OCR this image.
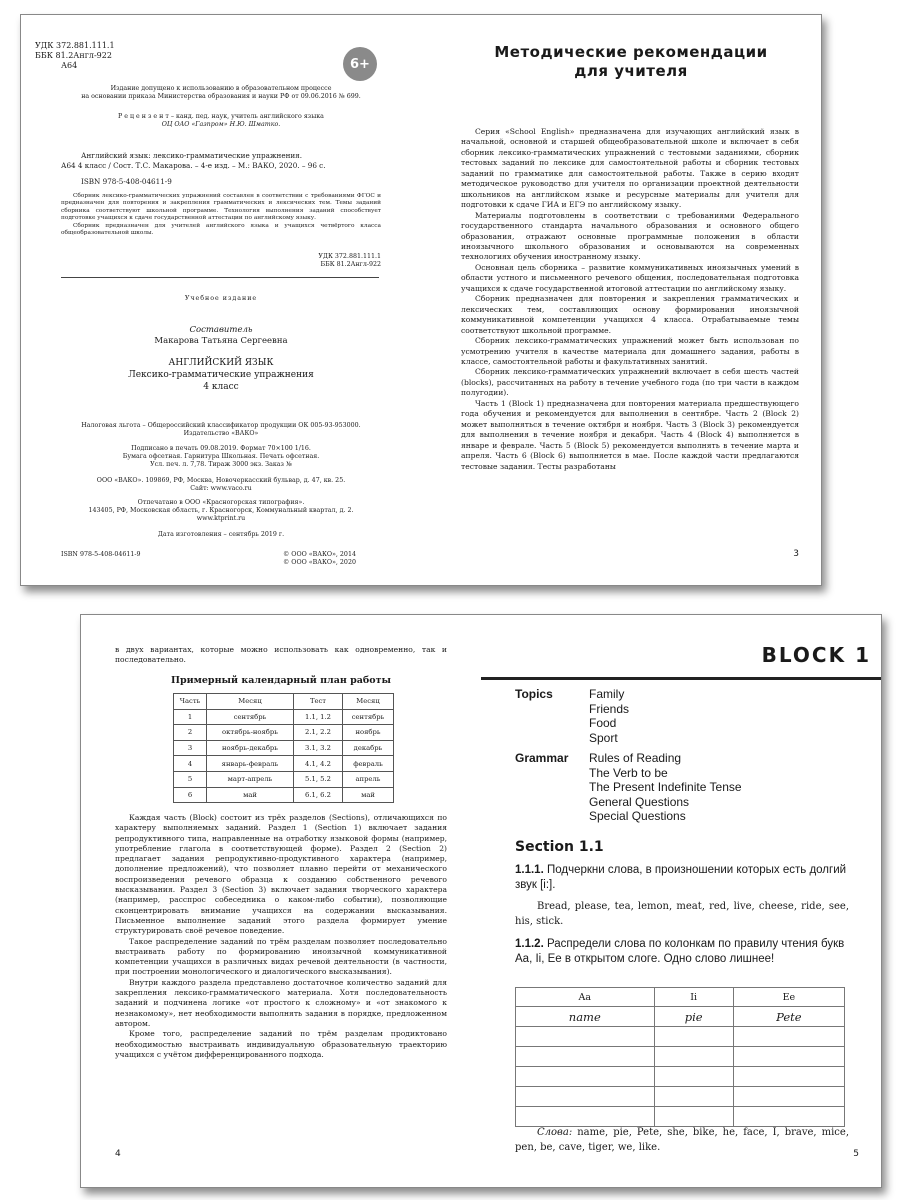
УДК 372.881.111.1
ББК 81.2Англ-922
А64	6+
Издание допущено к использованию в образовательном процессе
на основании приказа Министерства образования и науки РФ от 09.06.2016 № 699.
Р е ц е н з е н т – канд. пед. наук, учитель английского языка
ОЦ ОАО «Газпром» Н.Ю. Шматко.
Английский язык: лексико-грамматические упражнения.
А64 4 класс / Сост. Т.С. Макарова. – 4-е изд. – М.: ВАКО, 2020. – 96 с.
ISBN 978-5-408-04611-9
Сборник лексико-грамматических упражнений составлен в соответствии с требованиями ФГОС и предназначен для повторения и закрепления грамматических и лексических тем. Темы заданий сборника соответствуют школьной программе. Технология выполнения заданий способствует подготовке учащихся к сдаче государственной аттестации по английскому языку.
Сборник предназначен для учителей английского языка и учащихся четвёртого класса общеобразовательной школы.
УДК 372.881.111.1
ББК 81.2Англ-922
Учебное издание
Составитель
Макарова Татьяна Сергеевна
АНГЛИЙСКИЙ ЯЗЫК
Лексико-грамматические упражнения
4 класс
Налоговая льгота – Общероссийский классификатор продукции ОК 005-93-953000.
Издательство «ВАКО»
Подписано в печать 09.08.2019. Формат 70×100 1/16.
Бумага офсетная. Гарнитура Школьная. Печать офсетная.
Усл. печ. л. 7,78. Тираж 3000 экз. Заказ №
ООО «ВАКО». 109869, РФ, Москва, Новочеркасский бульвар, д. 47, кв. 25.
Сайт: www.vaco.ru
Отпечатано в ООО «Красногорская типография».
143405, РФ, Московская область, г. Красногорск, Коммунальный квартал, д. 2.
www.ktprint.ru
Дата изготовления – сентябрь 2019 г.
ISBN 978-5-408-04611-9	© ООО «ВАКО», 2014
© ООО «ВАКО», 2020
Методические рекомендации
для учителя

Серия «School English» предназначена для изучающих английский язык в начальной, основной и старшей общеобразовательной школе и включает в себя сборник лексико-грамматических упражнений с тестовыми заданиями, сборник тестовых заданий по лексике для самостоятельной работы и сборник тестовых заданий по грамматике для самостоятельной работы. Также в серию входят методическое руководство для учителя по организации проектной деятельности школьников на английском языке и ресурсные материалы для учителя для подготовки к сдаче ГИА и ЕГЭ по английскому языку.

Материалы подготовлены в соответствии с требованиями Федерального государственного стандарта начального образования и основного общего образования, отражают основные программные положения в области иноязычного школьного образования и основываются на современных технологиях обучения иностранному языку.

Основная цель сборника – развитие коммуникативных иноязычных умений в области устного и письменного речевого общения, последовательная подготовка учащихся к сдаче государственной итоговой аттестации по английскому языку.

Сборник предназначен для повторения и закрепления грамматических и лексических тем, составляющих основу формирования иноязычной коммуникативной компетенции учащихся 4 класса. Отрабатываемые темы соответствуют школьной программе.

Сборник лексико-грамматических упражнений может быть использован по усмотрению учителя в качестве материала для домашнего задания, работы в классе, самостоятельной работы и факультативных занятий.

Сборник лексико-грамматических упражнений включает в себя шесть частей (blocks), рассчитанных на работу в течение учебного года (по три части в каждом полугодии).

Часть 1 (Block 1) предназначена для повторения материала предшествующего года обучения и рекомендуется для выполнения в сентябре. Часть 2 (Block 2) может выполняться в течение октября и ноября. Часть 3 (Block 3) рекомендуется для выполнения в течение ноября и декабря. Часть 4 (Block 4) выполняется в январе и феврале. Часть 5 (Block 5) рекомендуется выполнять в течение марта и апреля. Часть 6 (Block 6) выполняется в мае. После каждой части предлагаются тестовые задания. Тесты разработаны

3

в двух вариантах, которые можно использовать как одновременно, так и последовательно.

Примерный календарный план работы
Часть	Месяц	Тест	Месяц
1	сентябрь	1.1, 1.2	сентябрь
2	октябрь-ноябрь	2.1, 2.2	ноябрь
3	ноябрь-декабрь	3.1, 3.2	декабрь
4	январь-февраль	4.1, 4.2	февраль
5	март-апрель	5.1, 5.2	апрель
6	май	6.1, 6.2	май

Каждая часть (Block) состоит из трёх разделов (Sections), отличающихся по характеру выполняемых заданий. Раздел 1 (Section 1) включает задания репродуктивного типа, направленные на отработку языковой формы (например, употребление глагола в соответствующей форме). Раздел 2 (Section 2) предлагает задания репродуктивно-продуктивного характера (например, дополнение предложений), что позволяет плавно перейти от механического воспроизведения речевого образца к созданию собственного речевого высказывания. Раздел 3 (Section 3) включает задания творческого характера (например, расспрос собеседника о каком-либо событии), позволяющие сконцентрировать внимание учащихся на содержании высказывания. Письменное выполнение заданий этого раздела формирует умение структурировать своё речевое поведение.

Такое распределение заданий по трём разделам позволяет последовательно выстраивать работу по формированию иноязычной коммуникативной компетенции учащихся в различных видах речевой деятельности (в частности, при построении монологического и диалогического высказывания).

Внутри каждого раздела представлено достаточное количество заданий для закрепления лексико-грамматического материала. Хотя последовательность заданий и подчинена логике «от простого к сложному» и «от знакомого к незнакомому», нет необходимости выполнять задания в порядке, предложенном автором.

Кроме того, распределение заданий по трём разделам продиктовано необходимостью выстраивать индивидуальную образовательную траекторию учащихся с учётом дифференцированного подхода.

4
BLOCK 1
Topics	Family
Friends
Food
Sport
Grammar Rules of Reading
The Verb to be
The Present Indefinite Tense
General Questions
Special Questions
Section 1.1
1.1.1. Подчеркни слова, в произношении которых есть долгий звук [i:].
Bread, please, tea, lemon, meat, red, live, cheese, ride, see, his, stick.
1.1.2. Распредели слова по колонкам по правилу чтения букв Aa, Ii, Ee в открытом слоге. Одно слово лишнее!
Aa	Ii	Ee
name	pie	Pete

Слова: name, pie, Pete, she, bike, he, face, I, brave, mice, pen, be, cave, tiger, we, like.
5
